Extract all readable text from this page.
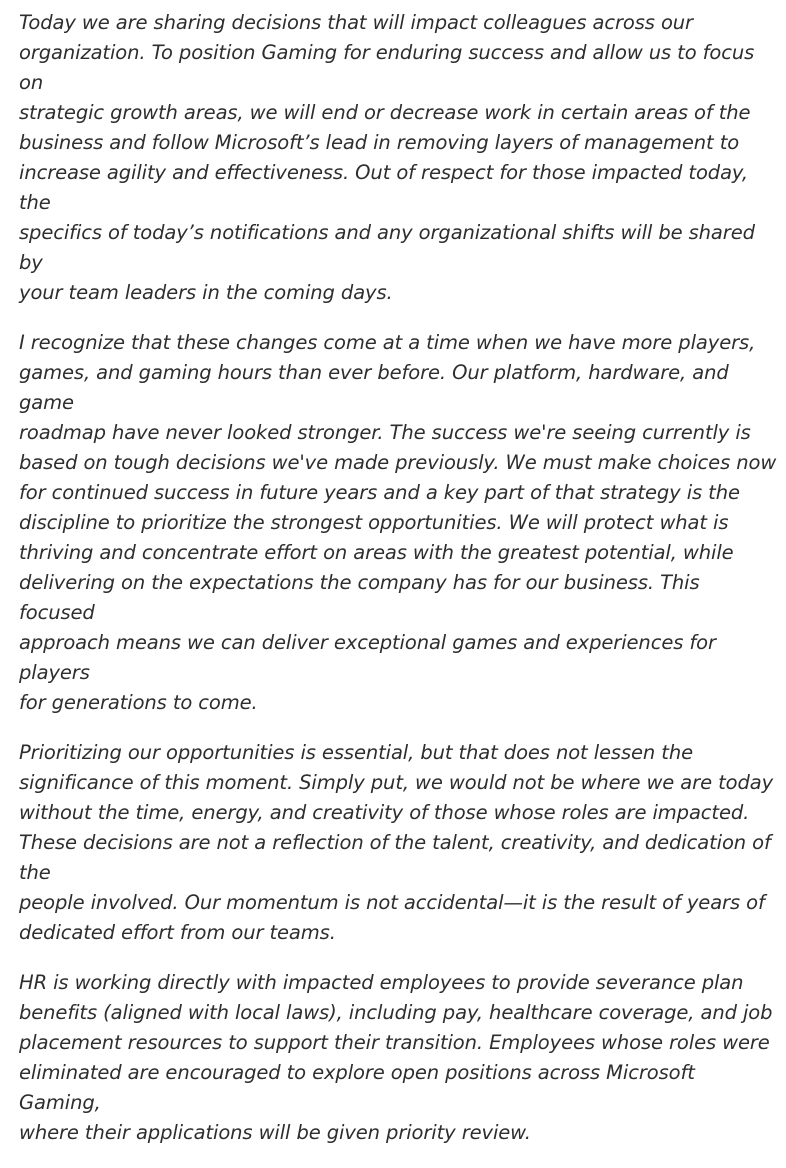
Today we are sharing decisions that will impact colleagues across our
organization. To position Gaming for enduring success and allow us to focus on
strategic growth areas, we will end or decrease work in certain areas of the
business and follow Microsoft’s lead in removing layers of management to
increase agility and effectiveness. Out of respect for those impacted today, the
specifics of today’s notifications and any organizational shifts will be shared by
your team leaders in the coming days.

I recognize that these changes come at a time when we have more players,
games, and gaming hours than ever before. Our platform, hardware, and game
roadmap have never looked stronger. The success we're seeing currently is
based on tough decisions we've made previously. We must make choices now
for continued success in future years and a key part of that strategy is the
discipline to prioritize the strongest opportunities. We will protect what is
thriving and concentrate effort on areas with the greatest potential, while
delivering on the expectations the company has for our business. This focused
approach means we can deliver exceptional games and experiences for players
for generations to come.

Prioritizing our opportunities is essential, but that does not lessen the
significance of this moment. Simply put, we would not be where we are today
without the time, energy, and creativity of those whose roles are impacted.
These decisions are not a reflection of the talent, creativity, and dedication of the
people involved. Our momentum is not accidental—it is the result of years of
dedicated effort from our teams.

HR is working directly with impacted employees to provide severance plan
benefits (aligned with local laws), including pay, healthcare coverage, and job
placement resources to support their transition. Employees whose roles were
eliminated are encouraged to explore open positions across Microsoft Gaming,
where their applications will be given priority review.
